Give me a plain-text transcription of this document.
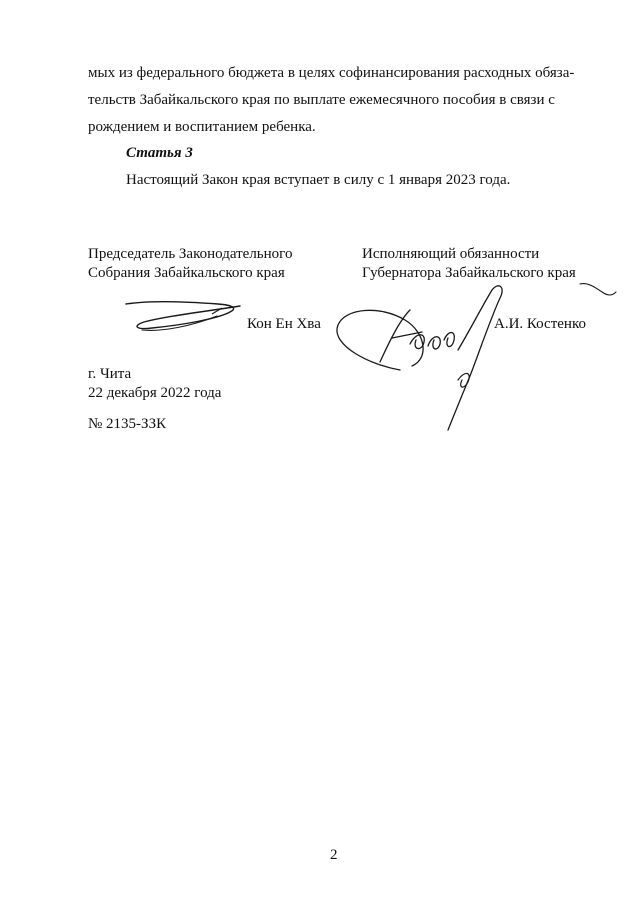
мых из федерального бюджета в целях софинансирования расходных обяза-
тельств Забайкальского края по выплате ежемесячного пособия в связи с
рождением и воспитанием ребенка.
Статья 3
Настоящий Закон края вступает в силу с 1 января 2023 года.
Председатель Законодательного
Собрания Забайкальского края
Исполняющий обязанности
Губернатора Забайкальского края
Кон Ен Хва	А.И. Костенко
г. Чита
22 декабря 2022 года
№ 2135-ЗЗК
2
